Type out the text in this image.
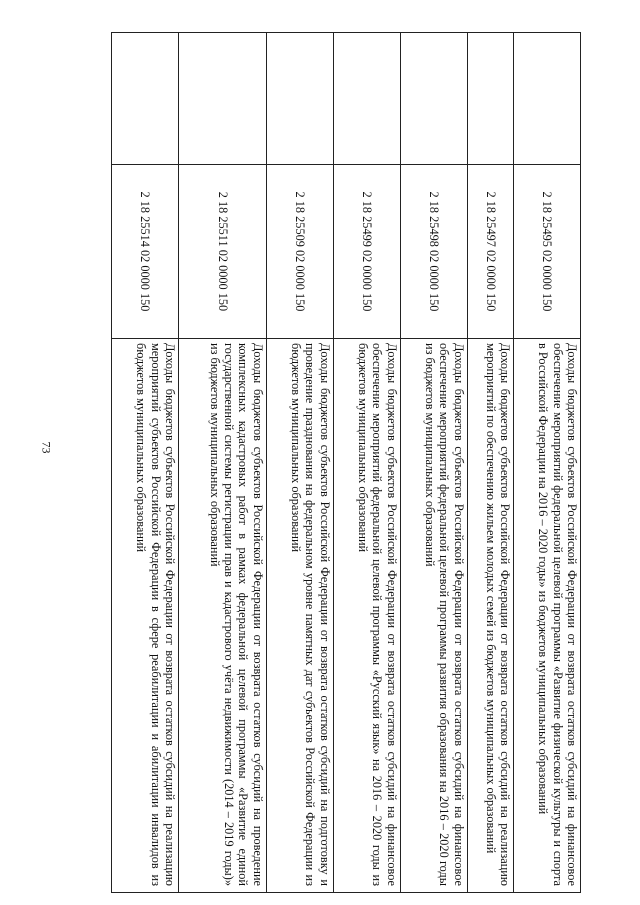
73
	2 18 25495 02 0000 150	Доходы бюджетов субъектов Российской Федерации от возврата остатков субсидий на финансовое обеспечение мероприятий федеральной целевой программы «Развитие физической культуры и спорта в Российской Федерации на 2016 – 2020 годы» из бюджетов муниципальных образований
	2 18 25497 02 0000 150	Доходы бюджетов субъектов Российской Федерации от возврата остатков субсидий на реализацию мероприятий по обеспечению жильем молодых семей из бюджетов муниципальных образований
	2 18 25498 02 0000 150	Доходы бюджетов субъектов Российской Федерации от возврата остатков субсидий на финансовое обеспечение мероприятий федеральной целевой программы развития образования на 2016 – 2020 годы из бюджетов муниципальных образований
	2 18 25499 02 0000 150	Доходы бюджетов субъектов Российской Федерации от возврата остатков субсидий на финансовое обеспечение мероприятий федеральной целевой программы «Русский язык» на 2016 – 2020 годы из бюджетов муниципальных образований
	2 18 25509 02 0000 150	Доходы бюджетов субъектов Российской Федерации от возврата остатков субсидий на подготовку и проведение празднования на федеральном уровне памятных дат субъектов Российской Федерации из бюджетов муниципальных образований
	2 18 25511 02 0000 150	Доходы бюджетов субъектов Российской Федерации от возврата остатков субсидий на проведение комплексных кадастровых работ в рамках федеральной целевой программы «Развитие единой государственной системы регистрации прав и кадастрового учёта недвижимости (2014 – 2019 годы)» из бюджетов муниципальных образований
	2 18 25514 02 0000 150	Доходы бюджетов субъектов Российской Федерации от возврата остатков субсидий на реализацию мероприятий субъектов Российской Федерации в сфере реабилитации и абилитации инвалидов из бюджетов муниципальных образований
